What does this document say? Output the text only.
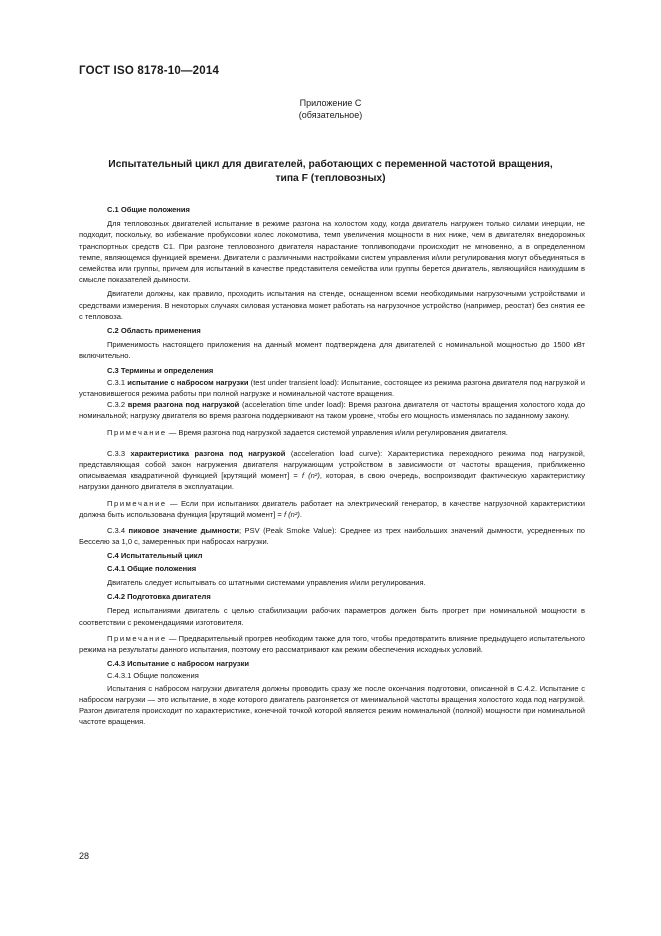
ГОСТ ISO 8178-10—2014
Приложение С
(обязательное)
Испытательный цикл для двигателей, работающих с переменной частотой вращения,
типа F (тепловозных)

С.1 Общие положения

Для тепловозных двигателей испытание в режиме разгона на холостом ходу, когда двигатель нагружен только силами инерции, не подходит, поскольку, во избежание пробуксовки колес локомотива, темп увеличения мощности в них ниже, чем в двигателях внедорожных транспортных средств С1. При разгоне тепловозного двигателя нарастание топливоподачи происходит не мгновенно, а в определенном темпе, являющемся функцией времени. Двигатели с различными настройками систем управления и/или регулирования могут объединяться в семейства или группы, причем для испытаний в качестве представителя семейства или группы берется двигатель, являющийся наихудшим в смысле показателей дымности.

Двигатели должны, как правило, проходить испытания на стенде, оснащенном всеми необходимыми нагрузочными устройствами и средствами измерения. В некоторых случаях силовая установка может работать на нагрузочное устройство (например, реостат) без снятия ее с тепловоза.

С.2 Область применения

Применимость настоящего приложения на данный момент подтверждена для двигателей с номинальной мощностью до 1500 кВт включительно.

С.3 Термины и определения

С.3.1 испытание с набросом нагрузки (test under transient load): Испытание, состоящее из режима разгона двигателя под нагрузкой и установившегося режима работы при полной нагрузке и номинальной частоте вращения.

С.3.2 время разгона под нагрузкой (acceleration time under load): Время разгона двигателя от частоты вращения холостого хода до номинальной; нагрузку двигателя во время разгона поддерживают на таком уровне, чтобы его мощность изменялась по заданному закону.

Примечание — Время разгона под нагрузкой задается системой управления и/или регулирования двигателя.

С.3.3 характеристика разгона под нагрузкой (acceleration load curve): Характеристика переходного режима под нагрузкой, представляющая собой закон нагружения двигателя нагружающим устройством в зависимости от частоты вращения, приближенно описываемая квадратичной функцией [крутящий момент] = f (n²), которая, в свою очередь, воспроизводит фактическую характеристику нагрузки данного двигателя в эксплуатации.

Примечание — Если при испытаниях двигатель работает на электрический генератор, в качестве нагрузочной характеристики должна быть использована функция [крутящий момент] = f (n²).

С.3.4 пиковое значение дымности; PSV (Peak Smoke Value): Среднее из трех наибольших значений дымности, усредненных по Бесселю за 1,0 с, замеренных при набросах нагрузки.

С.4 Испытательный цикл

С.4.1 Общие положения

Двигатель следует испытывать со штатными системами управления и/или регулирования.

С.4.2 Подготовка двигателя

Перед испытаниями двигатель с целью стабилизации рабочих параметров должен быть прогрет при номинальной мощности в соответствии с рекомендациями изготовителя.

Примечание — Предварительный прогрев необходим также для того, чтобы предотвратить влияние предыдущего испытательного режима на результаты данного испытания, поэтому его рассматривают как режим обеспечения исходных условий.

С.4.3 Испытание с набросом нагрузки

С.4.3.1 Общие положения

Испытания с набросом нагрузки двигателя должны проводить сразу же после окончания подготовки, описанной в С.4.2. Испытание с набросом нагрузки — это испытание, в ходе которого двигатель разгоняется от минимальной частоты вращения холостого хода под нагрузкой. Разгон двигателя происходит по характеристике, конечной точкой которой является режим номинальной (полной) мощности при номинальной частоте вращения.

28
